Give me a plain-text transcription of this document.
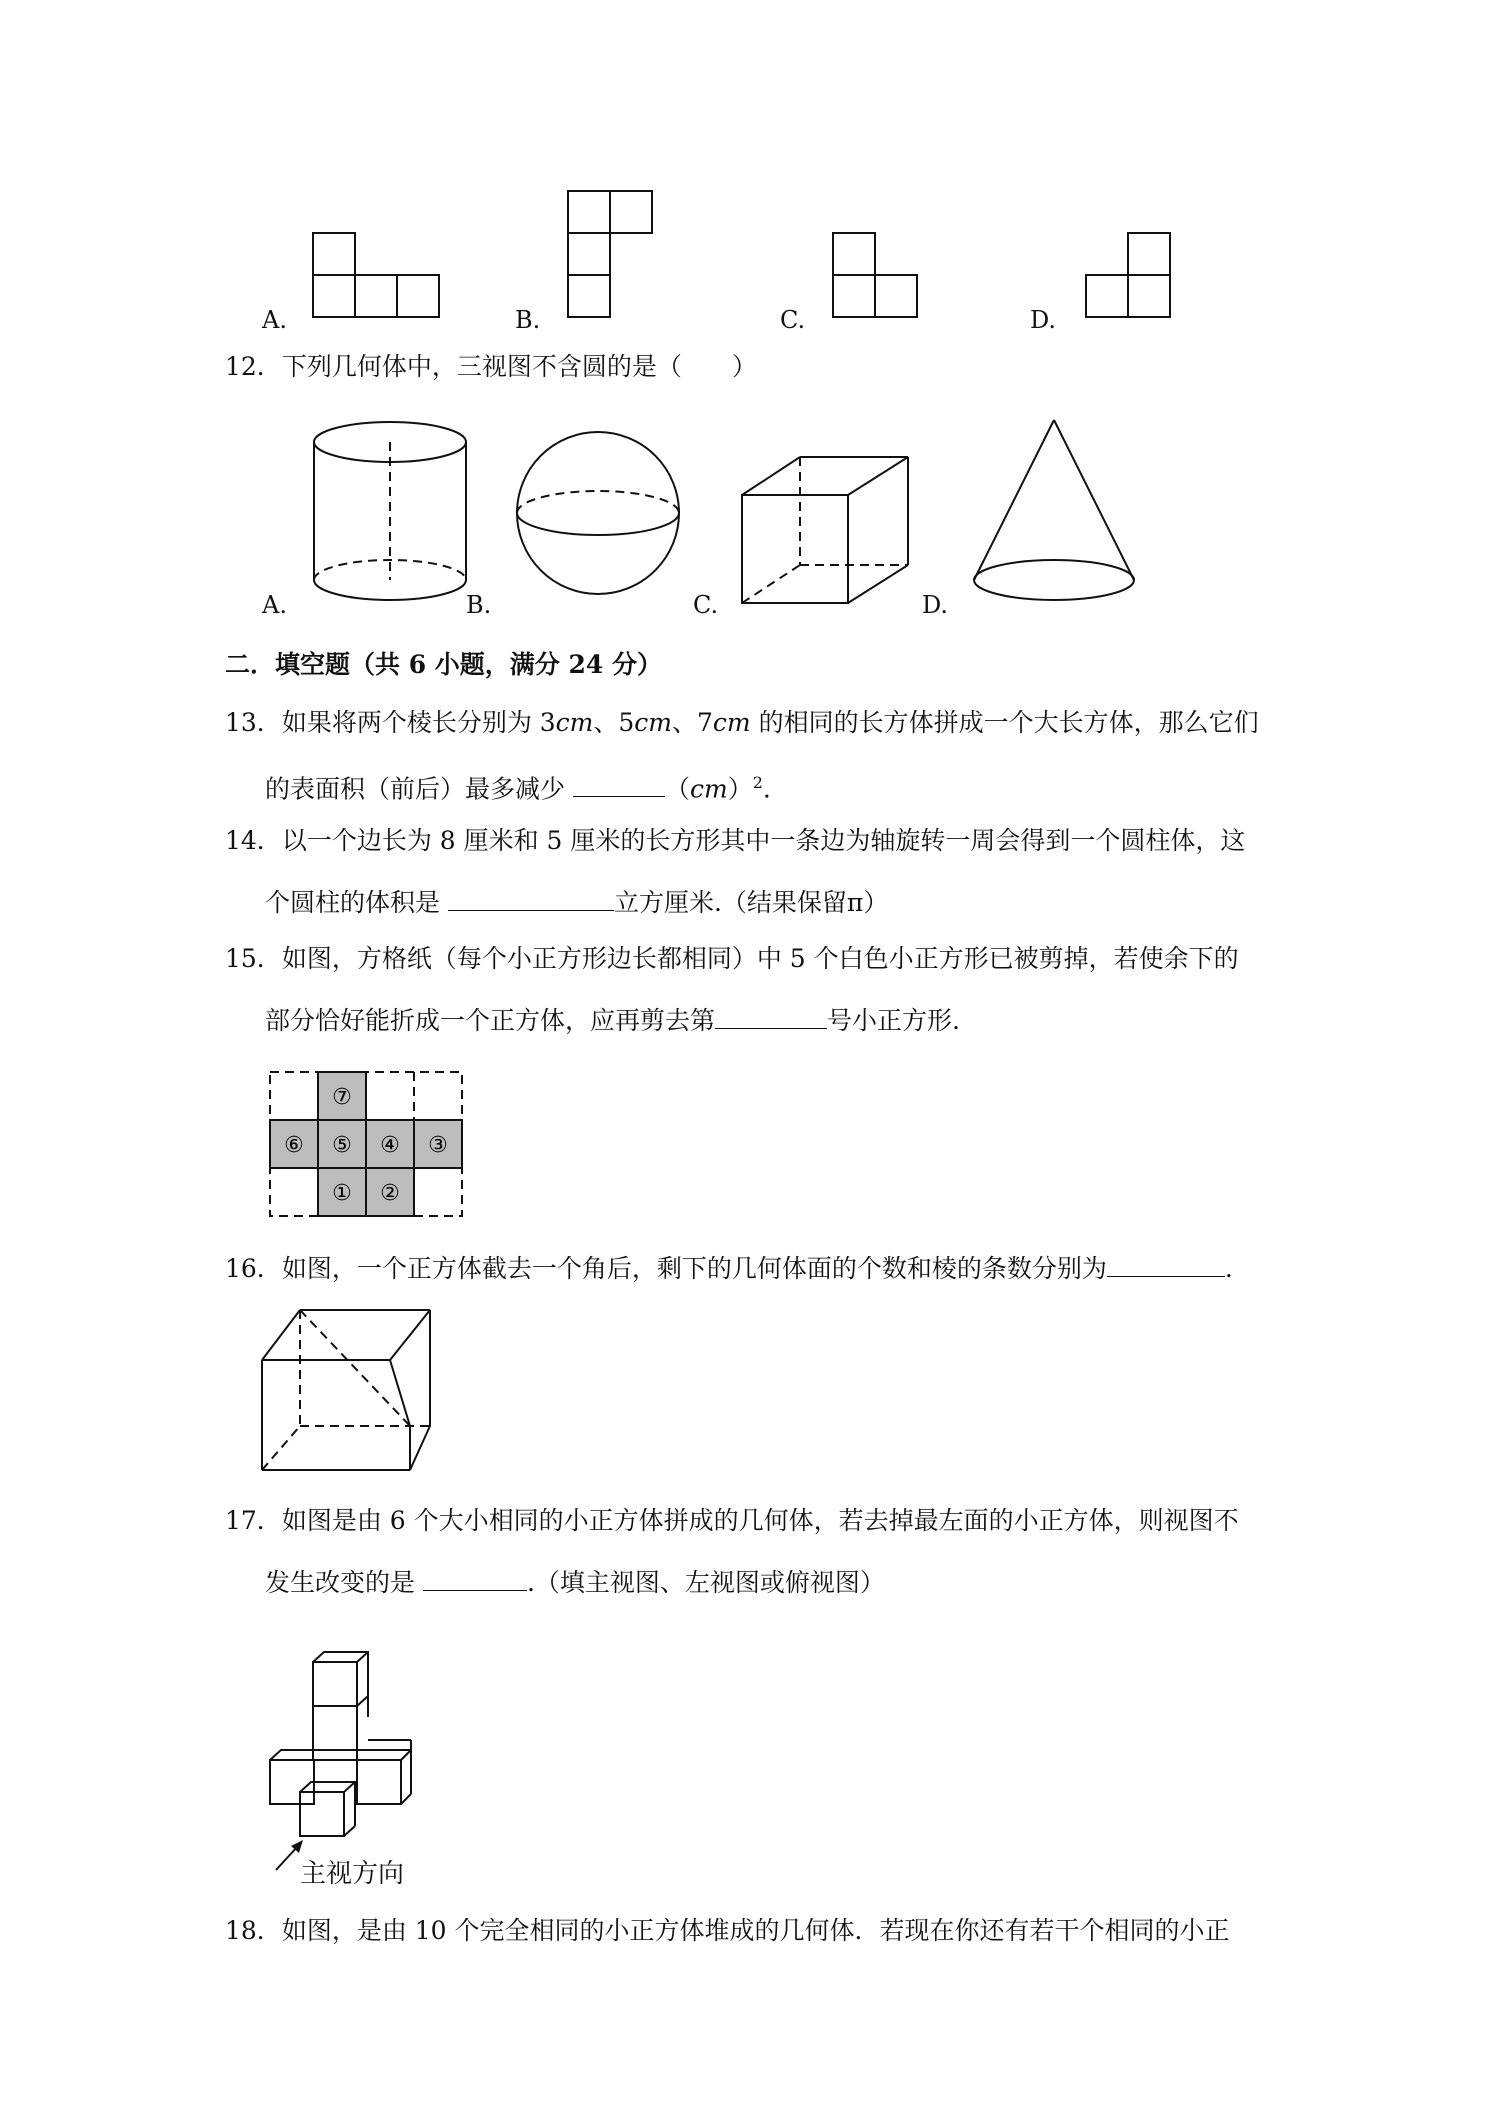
A.	B.	C.	D.
12．下列几何体中，三视图不含圆的是（　　）
A.	B.	C.	D.
二．填空题（共 6 小题，满分 24 分）
13．如果将两个棱长分别为 3cm、5cm、7cm 的相同的长方体拼成一个大长方体，那么它们
的表面积（前后）最多减少	（cm）$^2$.
14．以一个边长为 8 厘米和 5 厘米的长方形其中一条边为轴旋转一周会得到一个圆柱体，这
个圆柱的体积是	立方厘米.（结果保留π）
15．如图，方格纸（每个小正方形边长都相同）中 5 个白色小正方形已被剪掉，若使余下的
部分恰好能折成一个正方体，应再剪去第	号小正方形.
⑦
⑥ ⑤ ④ ③
① ②
16．如图，一个正方体截去一个角后，剩下的几何体面的个数和棱的条数分别为	.
17．如图是由 6 个大小相同的小正方体拼成的几何体，若去掉最左面的小正方体，则视图不
发生改变的是	.（填主视图、左视图或俯视图）
主视方向
18．如图，是由 10 个完全相同的小正方体堆成的几何体．若现在你还有若干个相同的小正
